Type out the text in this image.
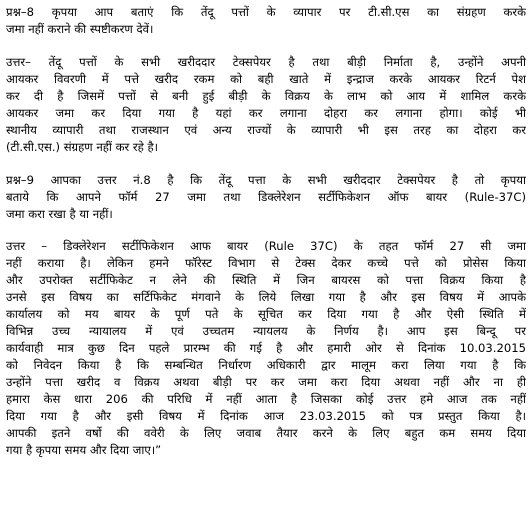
प्रश्न–8 कृपया आप बताएं कि तेंदू पत्तों के व्यापार पर टी.सी.एस का संग्रहण करके
जमा नहीं कराने की स्पष्टीकरण देवें।
उत्तर– तेंदू पत्तों के सभी खरीददार टेक्सपेयर है तथा बीड़ी निर्माता है, उन्होंने अपनी
आयकर विवरणी में पत्ते खरीद रकम को बही खाते में इन्द्राज करके आयकर रिटर्न पेश
कर दी है जिसमें पत्तों से बनी हुई बीड़ी के विक्रय के लाभ को आय में शामिल करके
आयकर जमा कर दिया गया है यहां कर लगाना दोहरा कर लगाना होगा। कोई भी
स्थानीय व्यापारी तथा राजस्थान एवं अन्य राज्यों के व्यापारी भी इस तरह का दोहरा कर
(टी.सी.एस.) संग्रहण नहीं कर रहे है।
प्रश्न–9 आपका उत्तर नं.8 है कि तेंदू पत्ता के सभी खरीददार टेक्सपेयर है तो कृपया
बताये कि आपने फॉर्म 27 जमा तथा डिक्लेरेशन सर्टीफिकेशन ऑफ बायर (Rule-37C)
जमा करा रखा है या नहीं।
उत्तर – डिक्लेरेशन सर्टीफिकेशन आफ बायर (Rule 37C) के तहत फॉर्म 27 सी जमा
नहीं कराया है। लेकिन हमने फॉरेस्ट विभाग से टेक्स देकर कच्चे पत्ते को प्रोसेस किया
और उपरोक्त सर्टीफिकेट न लेने की स्थिति में जिन बायरस को पत्ता विक्रय किया है
उनसे इस विषय का सर्टिफिकेट मंगवाने के लिये लिखा गया है और इस विषय में आपके
कार्यालय को मय बायर के पूर्ण पते के सूचित कर दिया गया है और ऐसी स्थिति में
विभिन्न उच्च न्यायालय में एवं उच्चतम न्यायलय के निर्णय है। आप इस बिन्दू पर
कार्यवाही मात्र कुछ दिन पहले प्रारम्भ की गई है और हमारी ओर से दिनांक 10.03.2015
को निवेदन किया है कि सम्बन्धित निर्धारण अधिकारी द्वार मालूम करा लिया गया है कि
उन्होंने पत्ता खरीद व विक्रय अथवा बीड़ी पर कर जमा करा दिया अथवा नहीं और ना ही
हमारा केस धारा 206 की परिधि में नहीं आता है जिसका कोई उत्तर हमे आज तक नहीं
दिया गया है और इसी विषय में दिनांक आज 23.03.2015 को पत्र प्रस्तुत किया है।
आपकी इतने वर्षो की ववेरी के लिए जवाब तैयार करने के लिए बहुत कम समय दिया
गया है कृपया समय और दिया जाए।”
